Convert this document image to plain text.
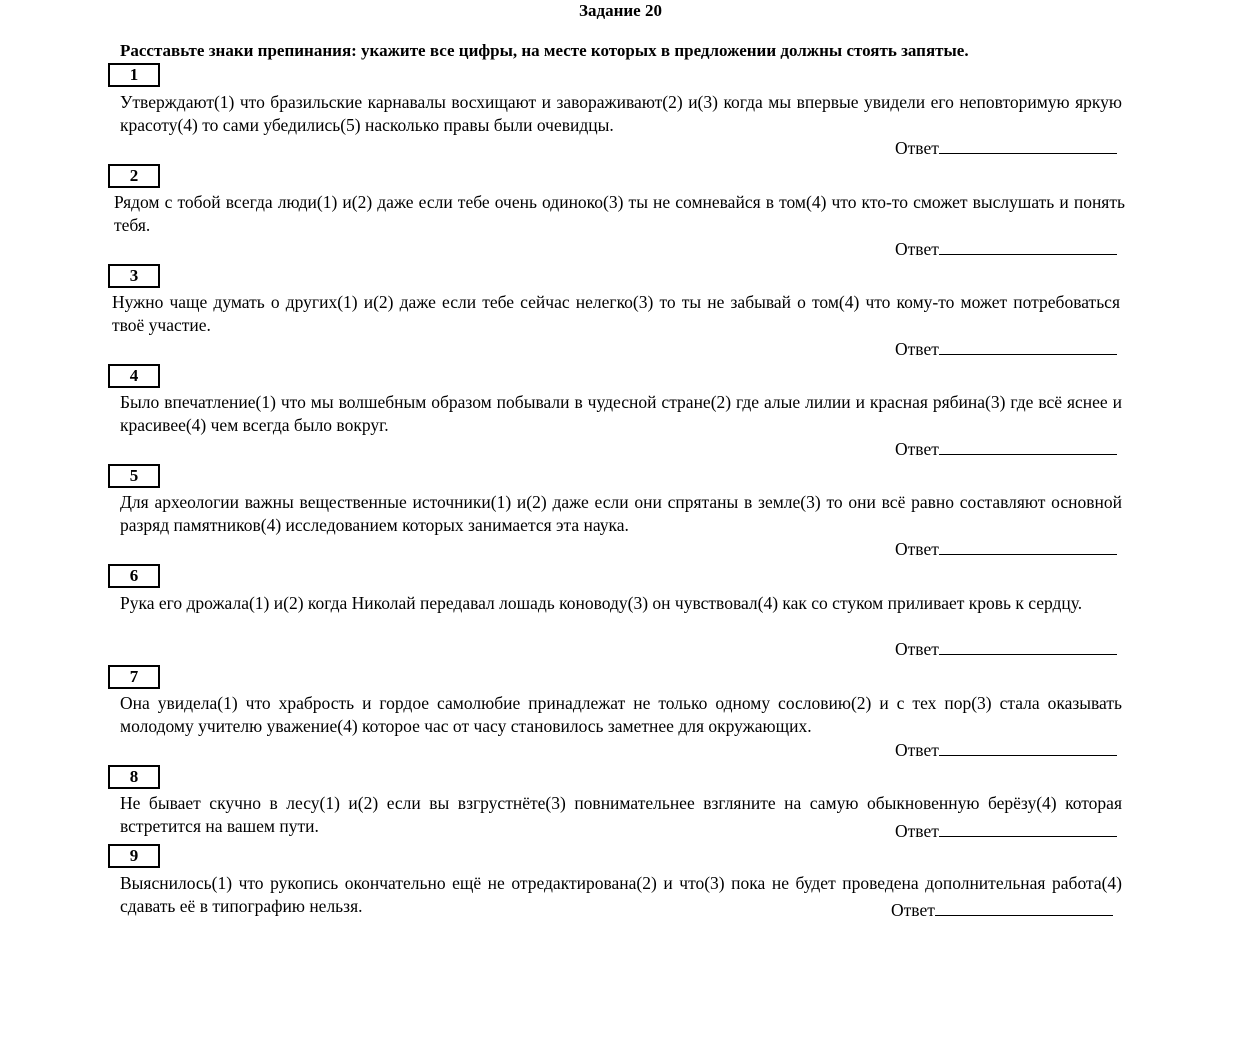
Задание 20
Расставьте знаки препинания: укажите все цифры, на месте которых в предложении должны стоять запятые.
1
Утверждают(1) что бразильские карнавалы восхищают и завораживают(2) и(3) когда мы впервые увидели его неповторимую яркую красоту(4) то сами убедились(5) насколько правы были очевидцы.
Ответ
2
Рядом с тобой всегда люди(1) и(2) даже если тебе очень одиноко(3) ты не сомневайся в том(4) что кто-то сможет выслушать и понять тебя.
Ответ
3
Нужно чаще думать о других(1) и(2) даже если тебе сейчас нелегко(3) то ты не забывай о том(4) что кому-то может потребоваться твоё участие.
Ответ
4
Было впечатление(1) что мы волшебным образом побывали в чудесной стране(2) где алые лилии и красная рябина(3) где всё яснее и красивее(4) чем всегда было вокруг.
Ответ
5
Для археологии важны вещественные источники(1) и(2) даже если они спрятаны в земле(3) то они всё равно составляют основной разряд памятников(4) исследованием которых занимается эта наука.
Ответ
6
Рука его дрожала(1) и(2) когда Николай передавал лошадь коноводу(3) он чувствовал(4) как со стуком приливает кровь к сердцу.
Ответ
7
Она увидела(1) что храбрость и гордое самолюбие принадлежат не только одному сословию(2) и с тех пор(3) стала оказывать молодому учителю уважение(4) которое час от часу становилось заметнее для окружающих.
Ответ
8
Не бывает скучно в лесу(1) и(2) если вы взгрустнёте(3) повнимательнее взгляните на самую обыкновенную берёзу(4) которая встретится на вашем пути.	Ответ
9
Выяснилось(1) что рукопись окончательно ещё не отредактирована(2) и что(3) пока не будет проведена дополнительная работа(4) сдавать её в типографию нельзя.	Ответ
